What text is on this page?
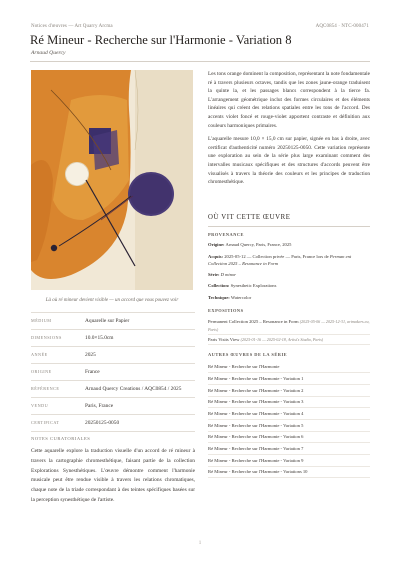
Notices d'œuvres — Art Quarry Arcma	AQC0854 · NTC-000471
Ré Mineur - Recherche sur l'Harmonie - Variation 8
Arnaud Quercy
Là où ré mineur devient visible — un accord que vous pouvez voir
MÉDIUM	Aquarelle sur Papier
DIMENSIONS	10.0×15.0cm
ANNÉE	2025
ORIGINE	France
RÉFÉRENCE	Arnaud Quercy Creations / AQC0854 / 2025
VENDU	Paris, France
CERTIFICAT	20250125-0050
NOTES CURATORIALES
Cette aquarelle explore la traduction visuelle d'un accord de ré mineur à travers la cartographie chromesthétique, faisant partie de la collection Explorations Synesthétiques. L'œuvre démontre comment l'harmonie musicale peut être rendue visible à travers les relations chromatiques, chaque note de la triade correspondant à des teintes spécifiques basées sur la perception synesthétique de l'artiste.

Les tons orange dominent la composition, représentant la note fondamentale ré à travers plusieurs octaves, tandis que les zones jaune-orange traduisent la quinte la, et les passages blancs correspondent à la tierce fa. L'arrangement géométrique inclut des formes circulaires et des éléments linéaires qui créent des relations spatiales entre les tons de l'accord. Des accents violet foncé et rouge-violet apportent contraste et définition aux couleurs harmoniques primaires.

L'aquarelle mesure 10,0 × 15,0 cm sur papier, signée en bas à droite, avec certificat d'authenticité numéro 20250125-0050. Cette variation représente une exploration au sein de la série plus large examinant comment des intervalles musicaux spécifiques et des structures d'accords peuvent être visualisés à travers la théorie des couleurs et les principes de traduction chromesthétique.

OÙ VIT CETTE ŒUVRE
PROVENANCE
Origine: Arnaud Quercy, Paris, France, 2025
Acquis: 2025-05-12 — Collection privée — Paris, France lors de Perman ent Collection 2025 – Resonance in Form
Série: D minor
Collection: Synesthetic Explorations
Technique: Watercolor
EXPOSITIONS
Permanent Collection 2025 – Resonance in Form (2025-05-06 — 2025-12-31, artmakers.eu, Paris)
Paris Visits View (2025-01-16 — 2025-02-18, Artist's Studio, Paris)
AUTRES ŒUVRES DE LA SÉRIE
Ré Mineur - Recherche sur l'Harmonie
Ré Mineur - Recherche sur l'Harmonie - Variation 1
Ré Mineur - Recherche sur l'Harmonie - Variation 2
Ré Mineur - Recherche sur l'Harmonie - Variation 3
Ré Mineur - Recherche sur l'Harmonie - Variation 4
Ré Mineur - Recherche sur l'Harmonie - Variation 5
Ré Mineur - Recherche sur l'Harmonie - Variation 6
Ré Mineur - Recherche sur l'Harmonie - Variation 7
Ré Mineur - Recherche sur l'Harmonie - Variation 9
Ré Mineur - Recherche sur l'Harmonie - Variations 10
1
